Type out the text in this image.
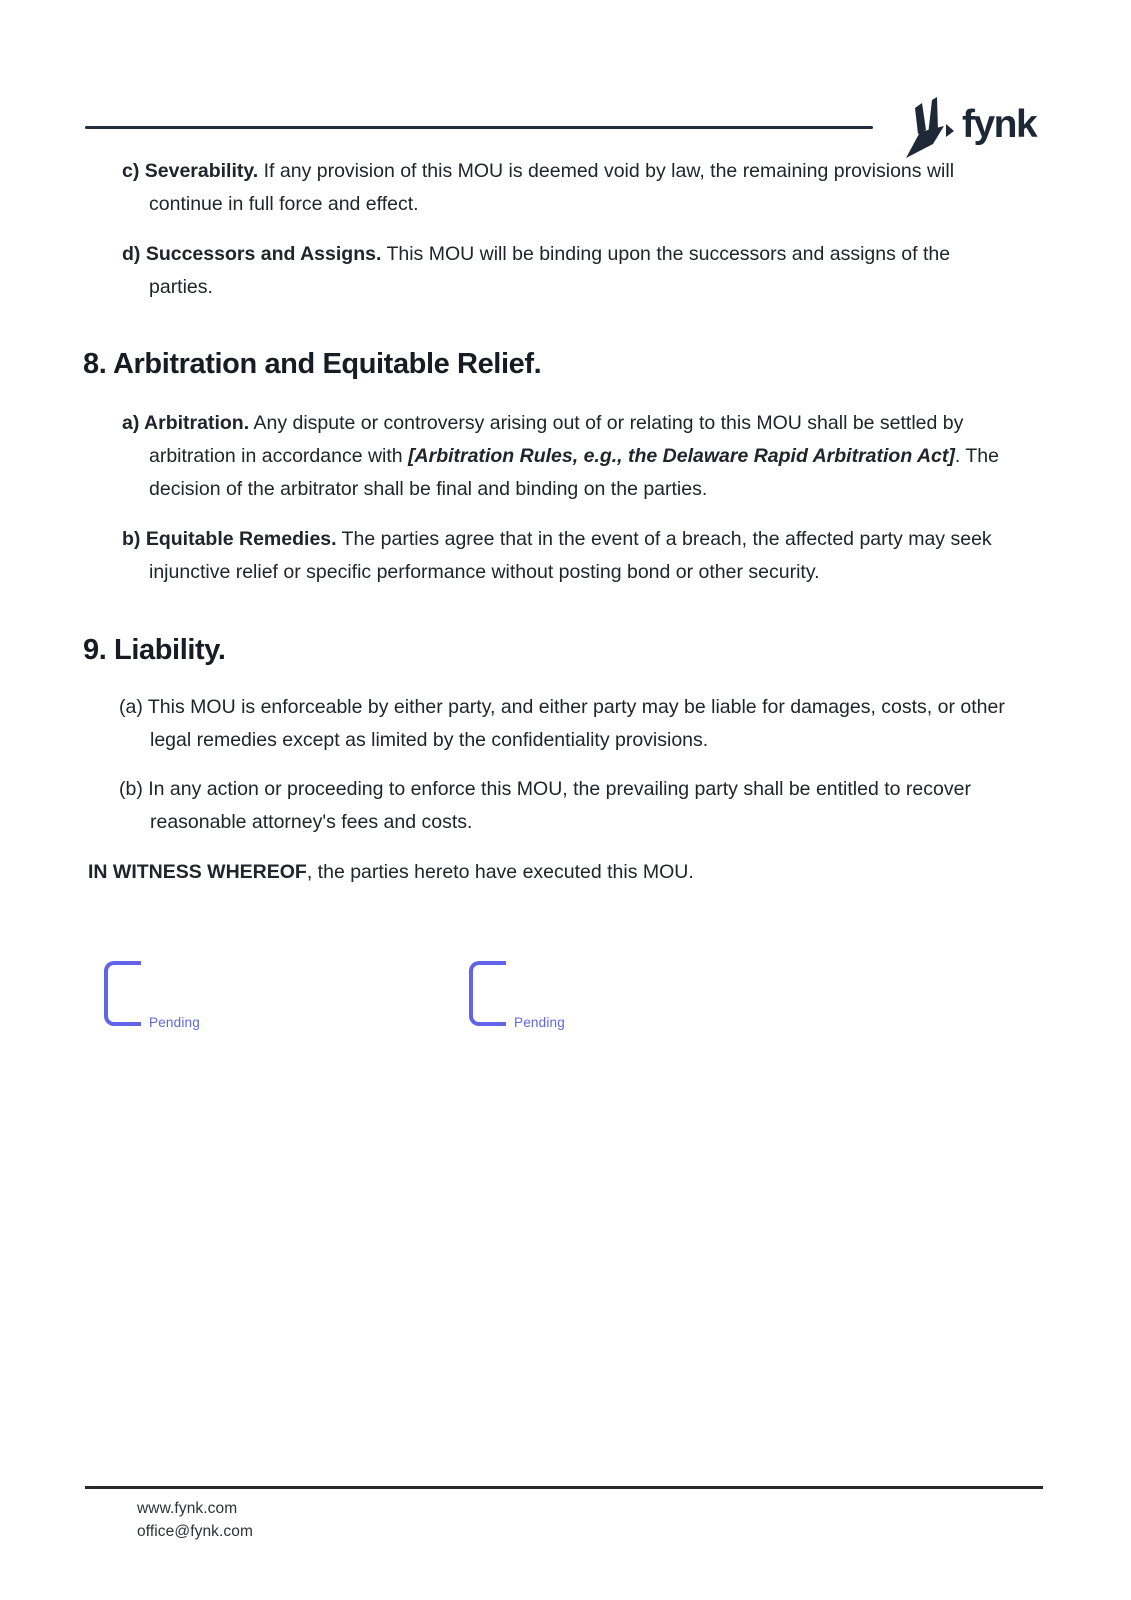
fynk

c) Severability. If any provision of this MOU is deemed void by law, the remaining provisions will continue in full force and effect.

d) Successors and Assigns. This MOU will be binding upon the successors and assigns of the parties.

8. Arbitration and Equitable Relief.

a) Arbitration. Any dispute or controversy arising out of or relating to this MOU shall be settled by arbitration in accordance with [Arbitration Rules, e.g., the Delaware Rapid Arbitration Act]. The decision of the arbitrator shall be final and binding on the parties.

b) Equitable Remedies. The parties agree that in the event of a breach, the affected party may seek injunctive relief or specific performance without posting bond or other security.

9. Liability.

(a) This MOU is enforceable by either party, and either party may be liable for damages, costs, or other legal remedies except as limited by the confidentiality provisions.

(b) In any action or proceeding to enforce this MOU, the prevailing party shall be entitled to recover reasonable attorney's fees and costs.

IN WITNESS WHEREOF, the parties hereto have executed this MOU.

Pending	Pending
www.fynk.com
office@fynk.com
